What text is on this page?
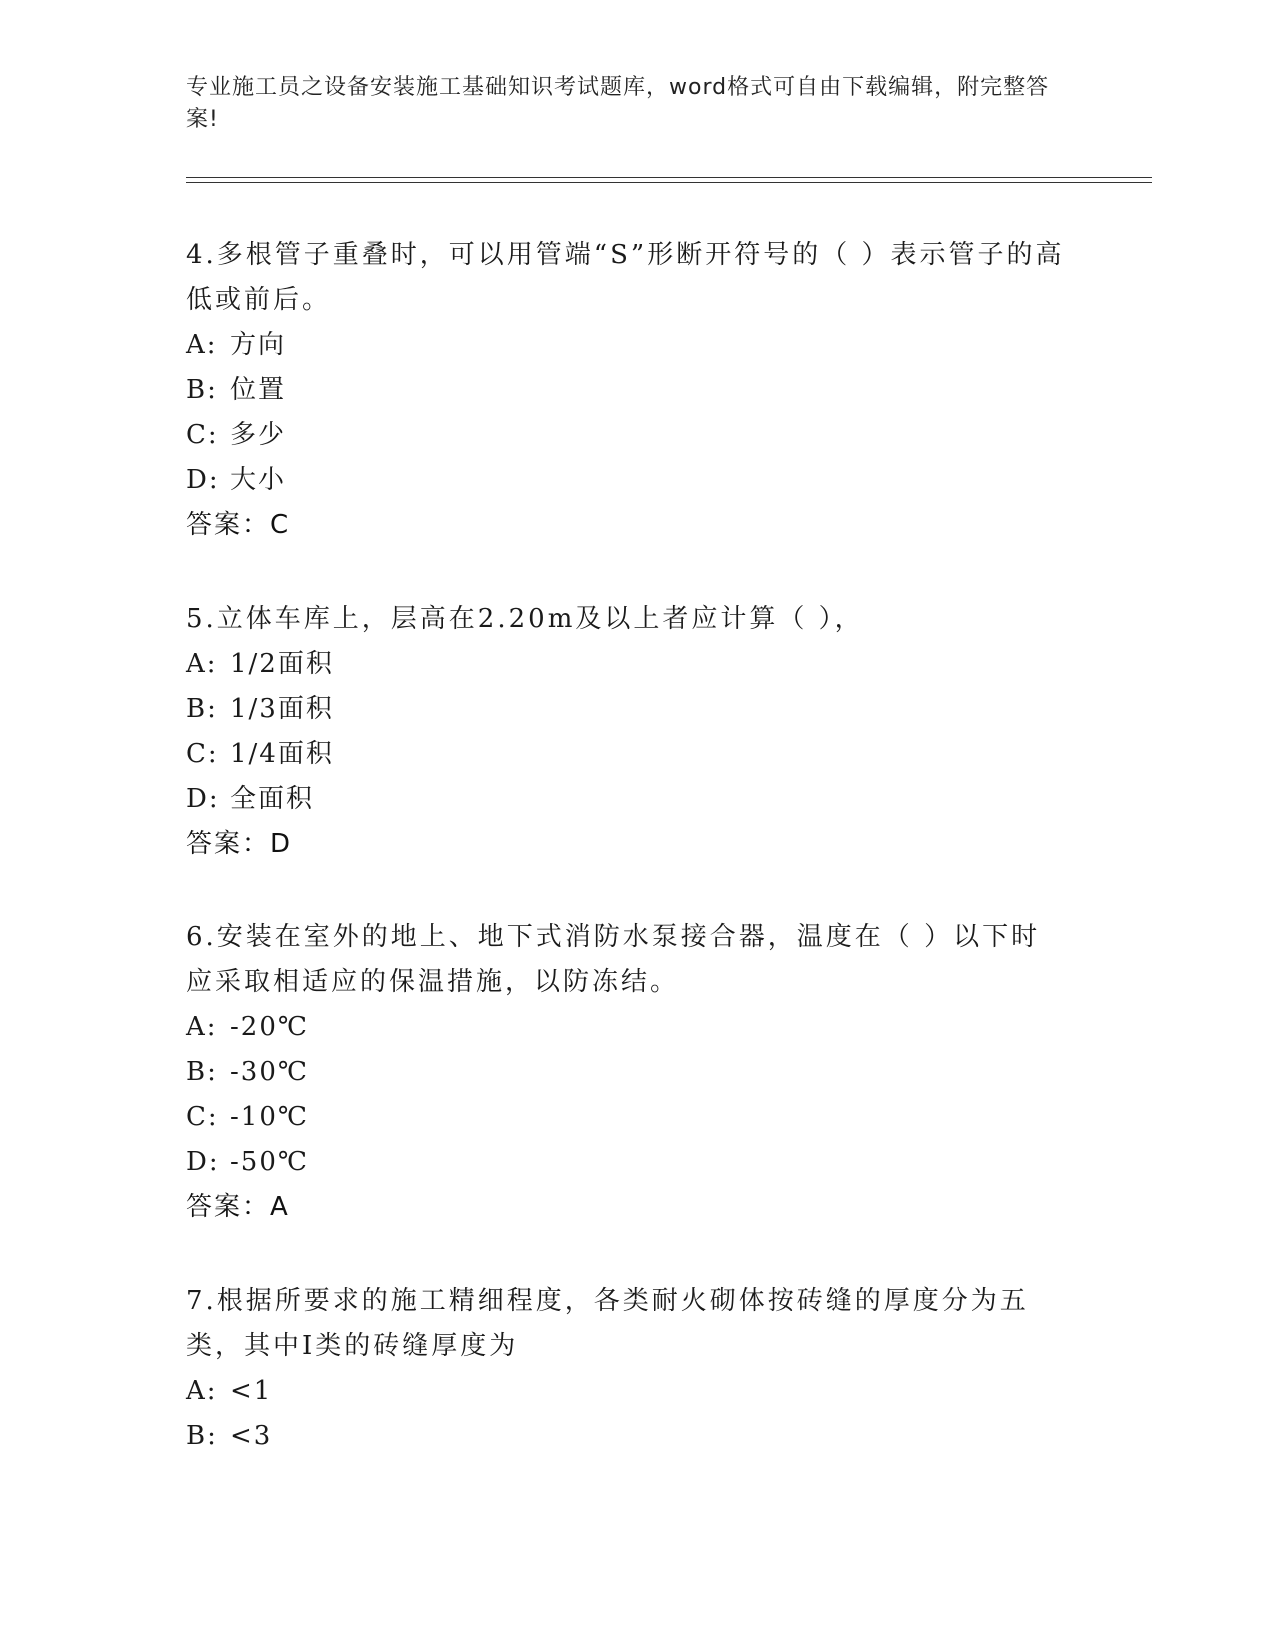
专业施工员之设备安装施工基础知识考试题库，word格式可自由下载编辑，附完整答案!
4.多根管子重叠时，可以用管端“S”形断开符号的（ ）表示管子的高低或前后。
A: 方向
B: 位置
C: 多少
D: 大小
答案：C
5.立体车库上，层高在2.20m及以上者应计算（ ），
A: 1/2面积
B: 1/3面积
C: 1/4面积
D: 全面积
答案：D
6.安装在室外的地上、地下式消防水泵接合器，温度在（ ）以下时应采取相适应的保温措施，以防冻结。
A: -20℃
B: -30℃
C: -10℃
D: -50℃
答案：A
7.根据所要求的施工精细程度，各类耐火砌体按砖缝的厚度分为五类，其中I类的砖缝厚度为
A: <1
B: <3
